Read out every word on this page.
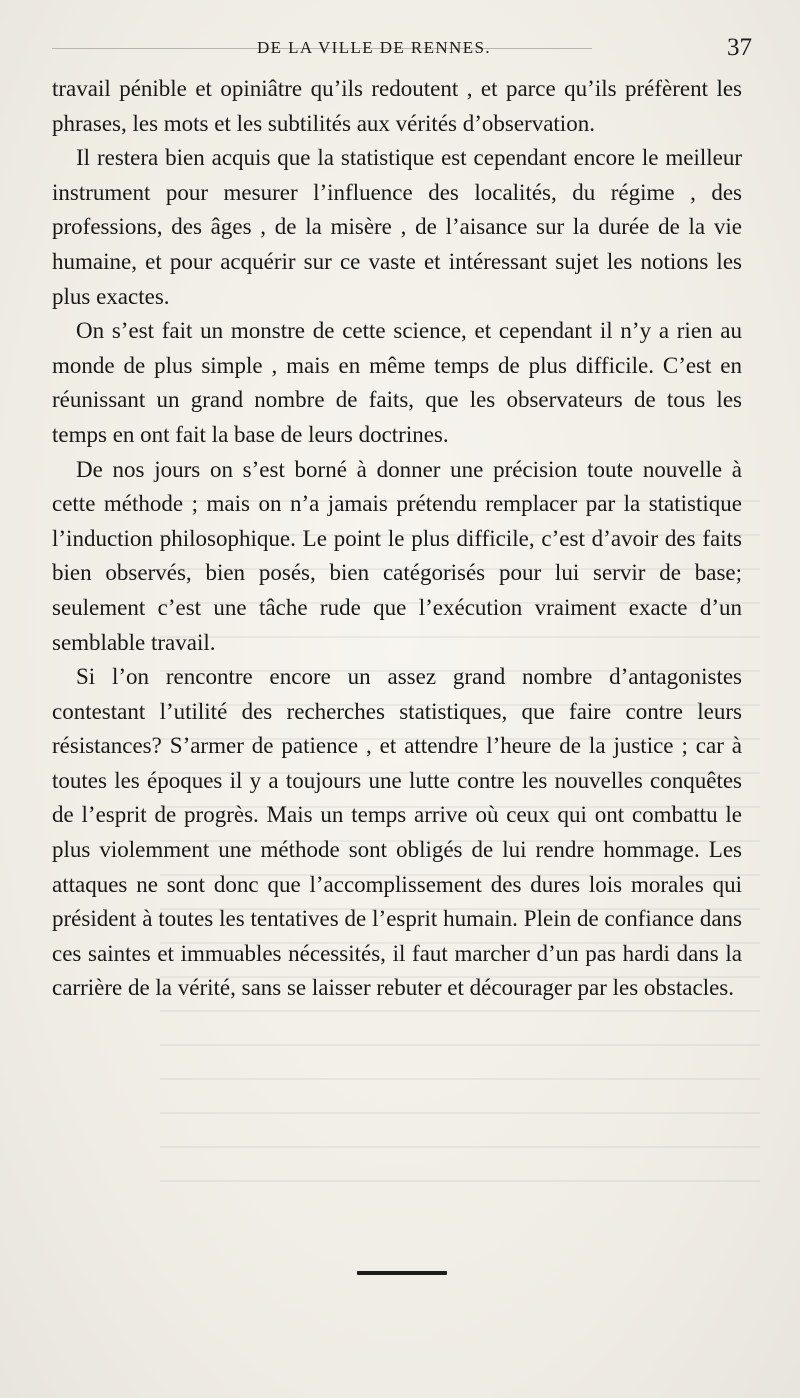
DE LA VILLE DE RENNES.	37

travail pénible et opiniâtre qu’ils redoutent , et parce qu’ils préfèrent les phrases, les mots et les subtilités aux vérités d’observation.

Il restera bien acquis que la statistique est cependant encore le meilleur instrument pour mesurer l’influence des localités, du régime , des professions, des âges , de la misère , de l’aisance sur la durée de la vie humaine, et pour acquérir sur ce vaste et intéressant sujet les notions les plus exactes.

On s’est fait un monstre de cette science, et cependant il n’y a rien au monde de plus simple , mais en même temps de plus difficile. C’est en réunissant un grand nombre de faits, que les observateurs de tous les temps en ont fait la base de leurs doctrines.

De nos jours on s’est borné à donner une précision toute nouvelle à cette méthode ; mais on n’a jamais prétendu remplacer par la statistique l’induction philosophique. Le point le plus difficile, c’est d’avoir des faits bien observés, bien posés, bien catégorisés pour lui servir de base; seulement c’est une tâche rude que l’exécution vraiment exacte d’un semblable travail.

Si l’on rencontre encore un assez grand nombre d’antagonistes contestant l’utilité des recherches statistiques, que faire contre leurs résistances? S’armer de patience , et attendre l’heure de la justice ; car à toutes les époques il y a toujours une lutte contre les nouvelles conquêtes de l’esprit de progrès. Mais un temps arrive où ceux qui ont combattu le plus violemment une méthode sont obligés de lui rendre hommage. Les attaques ne sont donc que l’accomplissement des dures lois morales qui président à toutes les tentatives de l’esprit humain. Plein de confiance dans ces saintes et immuables nécessités, il faut marcher d’un pas hardi dans la carrière de la vérité, sans se laisser rebuter et décourager par les obstacles.
